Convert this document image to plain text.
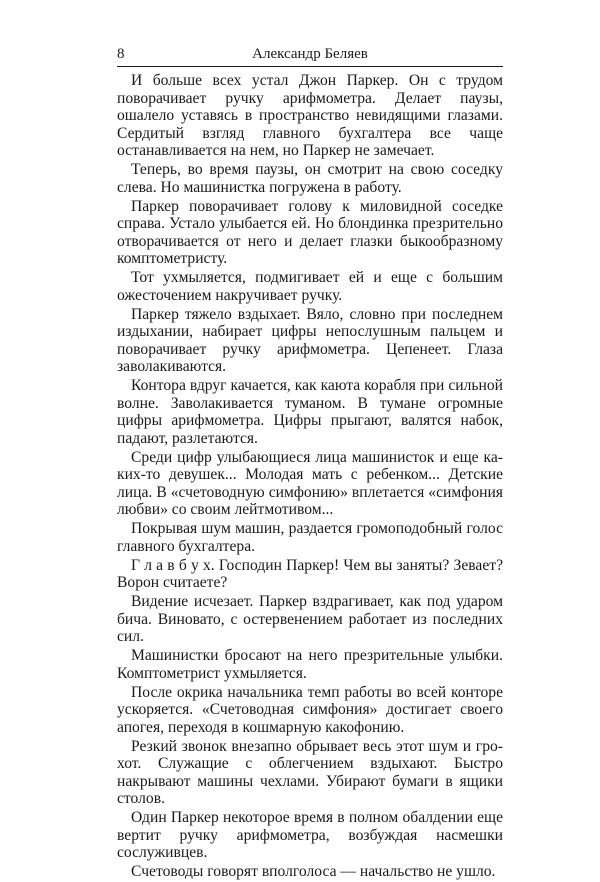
8	Александр Беляев

И больше всех устал Джон Паркер. Он с трудом поворачивает ручку арифмометра. Делает паузы, ошалело уставясь в пространство невидящими глазами. Сердитый взгляд главного бухгалтера все чаще останавливается на нем, но Паркер не замечает.

Теперь, во время паузы, он смотрит на свою соседку слева. Но машинистка погружена в работу.

Паркер поворачивает голову к миловидной соседке справа. Устало улыбается ей. Но блондинка презрительно отворачивается от него и делает глазки быкообразному комптометристу.

Тот ухмыляется, подмигивает ей и еще с большим ожесточением накручивает ручку.

Паркер тяжело вздыхает. Вяло, словно при последнем издыхании, набирает цифры непослушным пальцем и поворачивает ручку арифмометра. Цепенеет. Глаза заволакиваются.

Контора вдруг качается, как каюта корабля при сильной волне. Заволакивается туманом. В тумане огромные цифры арифмометра. Цифры прыгают, валятся набок, падают, разлетаются.

Среди цифр улыбающиеся лица машинисток и еще каких-то девушек... Молодая мать с ребенком... Детские лица. В «счетоводную симфонию» вплетается «симфония любви» со своим лейтмотивом...

Покрывая шум машин, раздается громоподобный голос главного бухгалтера.

Г л а в б у х. Господин Паркер! Чем вы заняты? Зевает? Ворон считаете?

Видение исчезает. Паркер вздрагивает, как под ударом бича. Виновато, с остервенением работает из последних сил.

Машинистки бросают на него презрительные улыбки. Комптометрист ухмыляется.

После окрика начальника темп работы во всей конторе ускоряется. «Счетоводная симфония» достигает своего апогея, переходя в кошмарную какофонию.

Резкий звонок внезапно обрывает весь этот шум и грохот. Служащие с облегчением вздыхают. Быстро накрывают машины чехлами. Убирают бумаги в ящики столов.

Один Паркер некоторое время в полном обалдении еще вертит ручку арифмометра, возбуждая насмешки сослуживцев.

Счетоводы говорят вполголоса — начальство не ушло.
